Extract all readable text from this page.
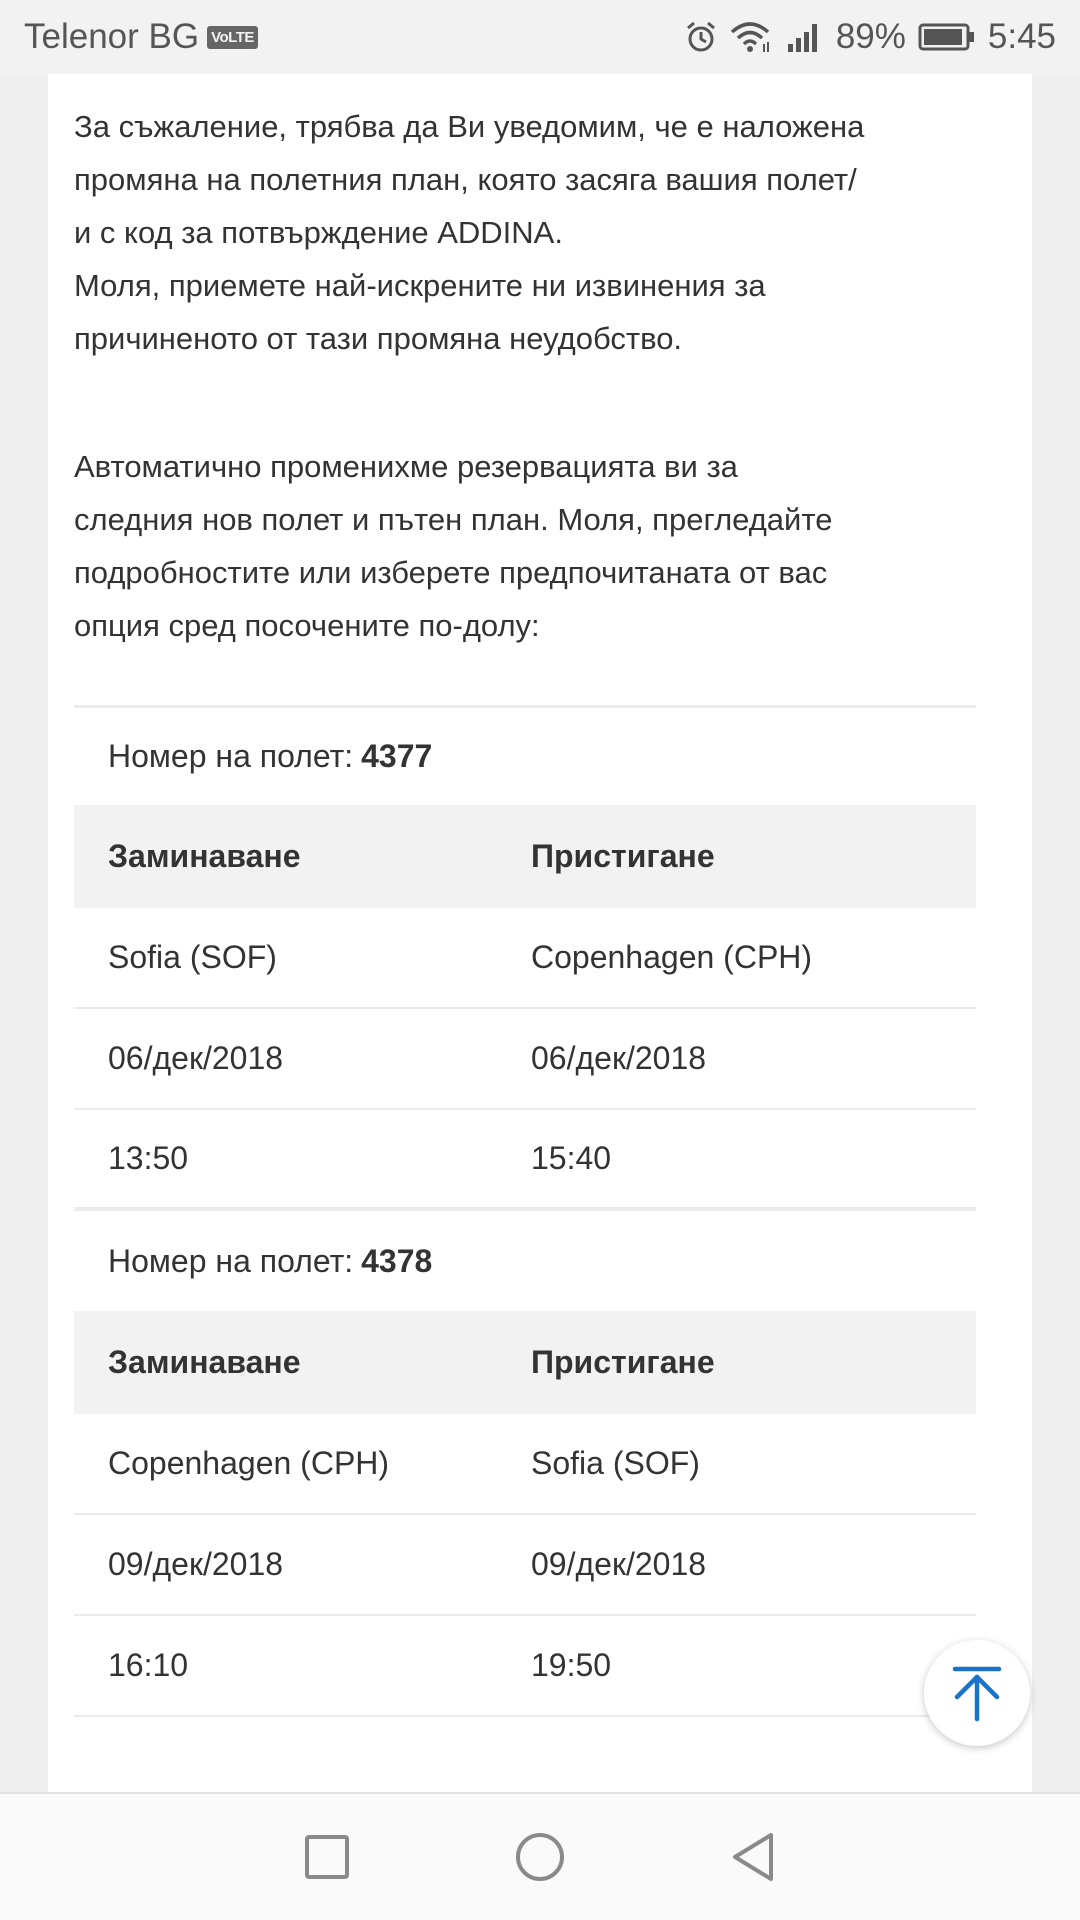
Telenor BG VoLTE	89% 5:45

За съжаление, трябва да Ви уведомим, че е наложена

промяна на полетния план, която засяга вашия полет/

и с код за потвърждение ADDINA.

Моля, приемете най-искрените ни извинения за

причиненото от тази промяна неудобство.

Автоматично променихме резервацията ви за

следния нов полет и пътен план. Моля, прегледайте

подробностите или изберете предпочитаната от вас

опция сред посочените по-долу:

Номер на полет: 4377
Заминаване	Пристигане
Sofia (SOF)	Copenhagen (CPH)
06/дек/2018	06/дек/2018
13:50	15:40
Номер на полет: 4378
Заминаване	Пристигане
Copenhagen (CPH)	Sofia (SOF)
09/дек/2018	09/дек/2018
16:10	19:50
